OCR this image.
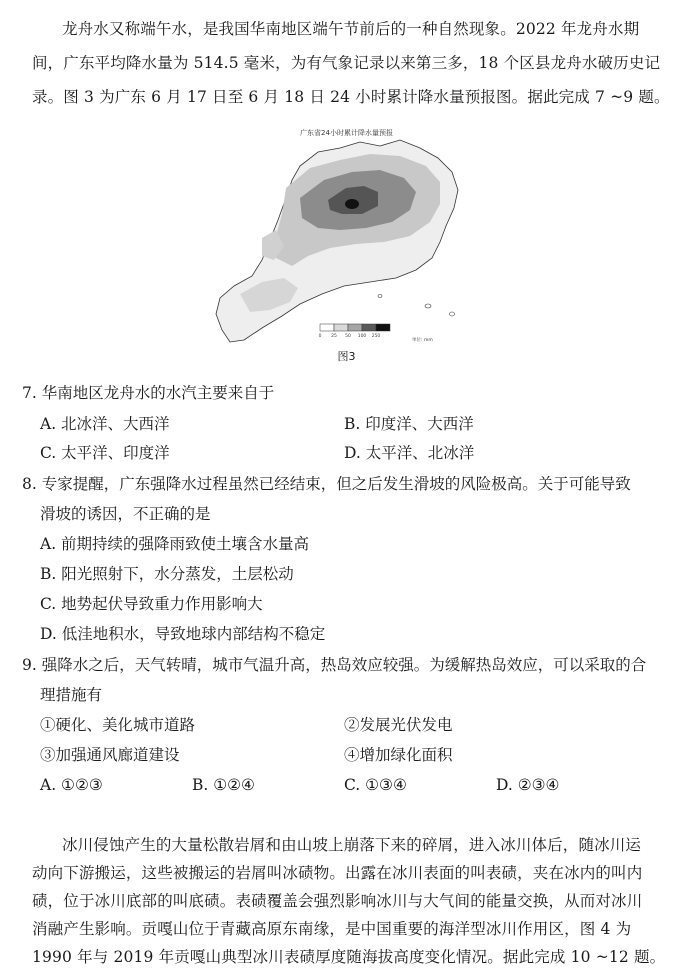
龙舟水又称端午水，是我国华南地区端午节前后的一种自然现象。2022 年龙舟水期
间，广东平均降水量为 514.5 毫米，为有气象记录以来第三多，18 个区县龙舟水破历史记
录。图 3 为广东 6 月 17 日至 6 月 18 日 24 小时累计降水量预报图。据此完成 7 ~9 题。
广东省24小时累计降水量预报
0 25 50 100 250
单位: mm
图3
7. 华南地区龙舟水的水汽主要来自于
A. 北冰洋、大西洋	B. 印度洋、大西洋
C. 太平洋、印度洋	D. 太平洋、北冰洋
8. 专家提醒，广东强降水过程虽然已经结束，但之后发生滑坡的风险极高。关于可能导致
滑坡的诱因，不正确的是
A. 前期持续的强降雨致使土壤含水量高
B. 阳光照射下，水分蒸发，土层松动
C. 地势起伏导致重力作用影响大
D. 低洼地积水，导致地球内部结构不稳定
9. 强降水之后，天气转晴，城市气温升高，热岛效应较强。为缓解热岛效应，可以采取的合
理措施有
①硬化、美化城市道路	②发展光伏发电
③加强通风廊道建设	④增加绿化面积
A. ①②③	B. ①②④	C. ①③④	D. ②③④
冰川侵蚀产生的大量松散岩屑和由山坡上崩落下来的碎屑，进入冰川体后，随冰川运
动向下游搬运，这些被搬运的岩屑叫冰碛物。出露在冰川表面的叫表碛，夹在冰内的叫内
碛，位于冰川底部的叫底碛。表碛覆盖会强烈影响冰川与大气间的能量交换，从而对冰川
消融产生影响。贡嘎山位于青藏高原东南缘，是中国重要的海洋型冰川作用区，图 4 为
1990 年与 2019 年贡嘎山典型冰川表碛厚度随海拔高度变化情况。据此完成 10 ~12 题。
